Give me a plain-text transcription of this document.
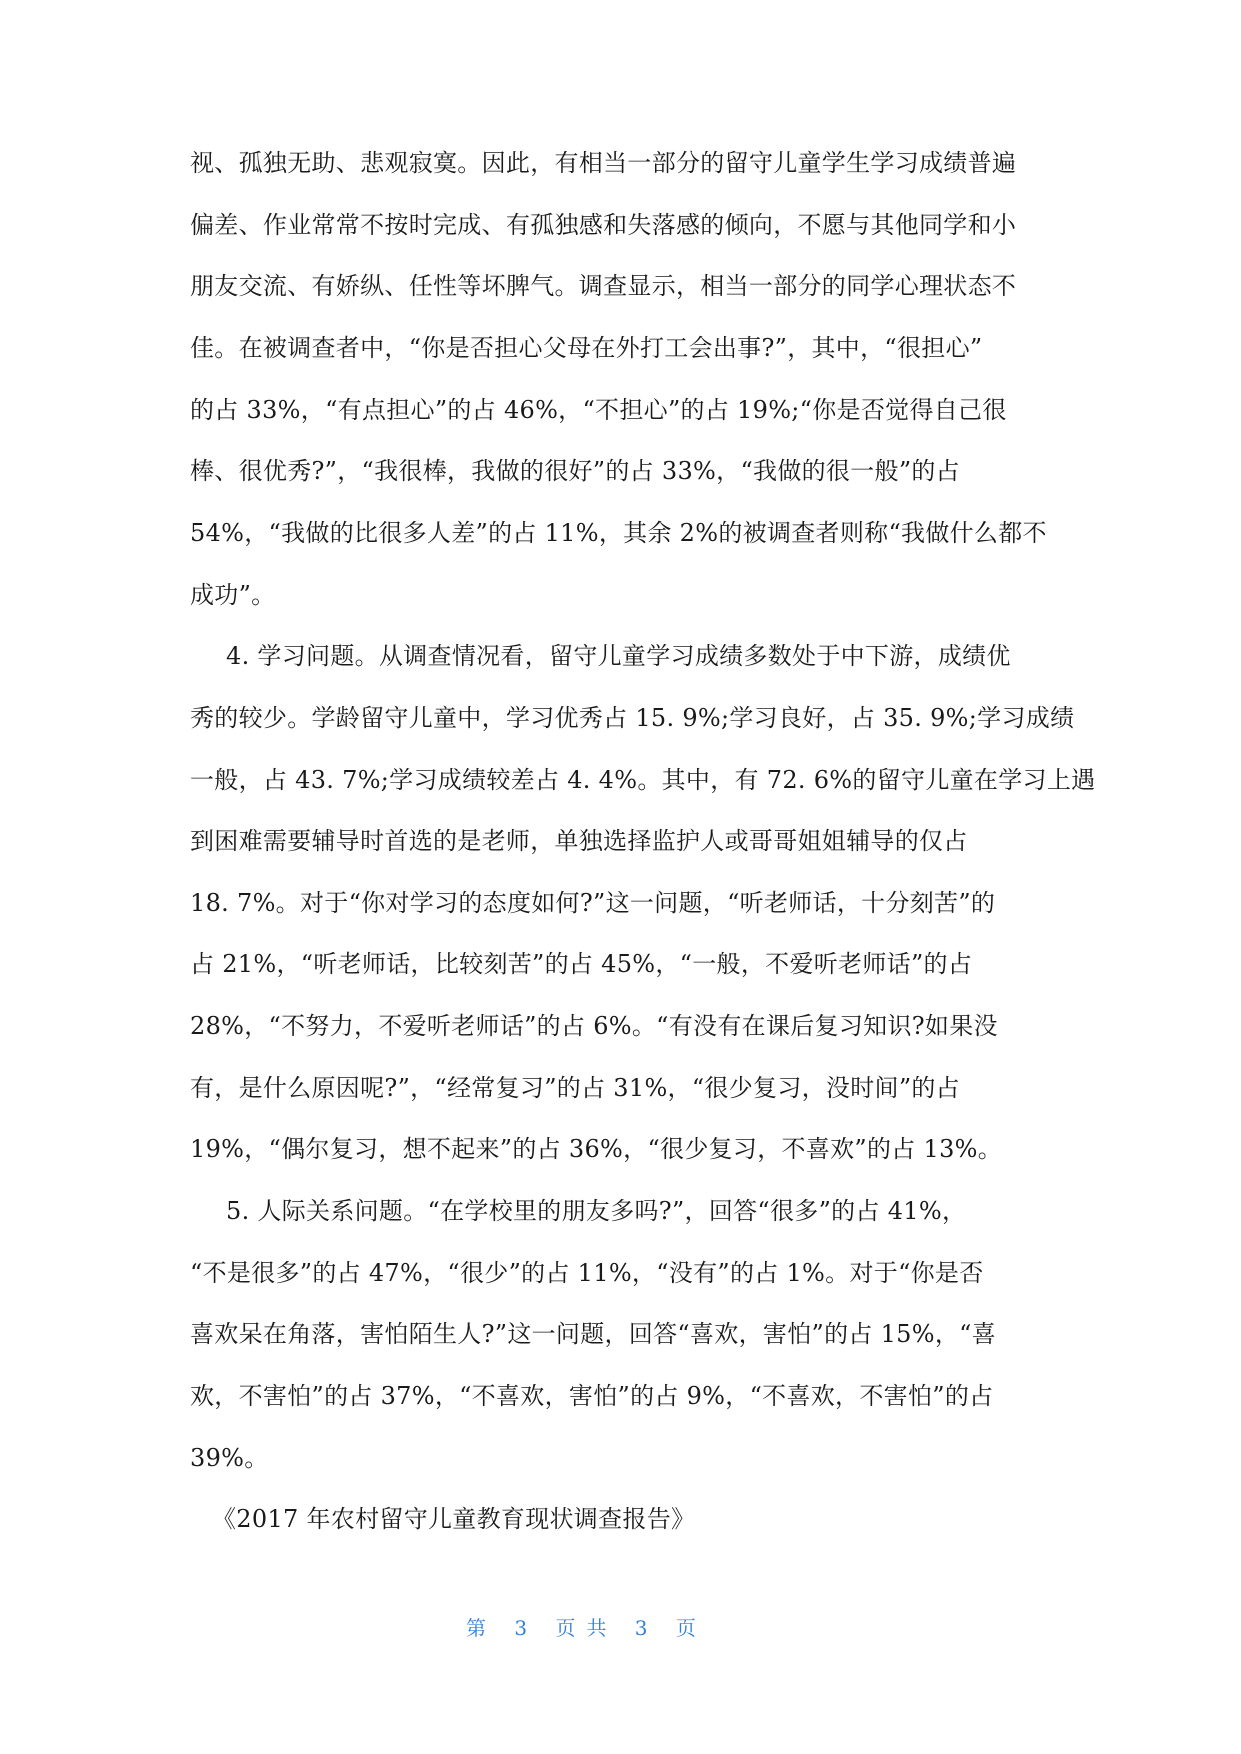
视、孤独无助、悲观寂寞。因此，有相当一部分的留守儿童学生学习成绩普遍
偏差、作业常常不按时完成、有孤独感和失落感的倾向，不愿与其他同学和小
朋友交流、有娇纵、任性等坏脾气。调查显示，相当一部分的同学心理状态不
佳。在被调查者中，“你是否担心父母在外打工会出事?”，其中，“很担心”
的占 33%，“有点担心”的占 46%，“不担心”的占 19%;“你是否觉得自己很
棒、很优秀?”，“我很棒，我做的很好”的占 33%，“我做的很一般”的占
54%，“我做的比很多人差”的占 11%，其余 2%的被调查者则称“我做什么都不
成功”。
4. 学习问题。从调查情况看，留守儿童学习成绩多数处于中下游，成绩优
秀的较少。学龄留守儿童中，学习优秀占 15. 9%;学习良好，占 35. 9%;学习成绩
一般，占 43. 7%;学习成绩较差占 4. 4%。其中，有 72. 6%的留守儿童在学习上遇
到困难需要辅导时首选的是老师，单独选择监护人或哥哥姐姐辅导的仅占
18. 7%。对于“你对学习的态度如何?”这一问题，“听老师话，十分刻苦”的
占 21%，“听老师话，比较刻苦”的占 45%，“一般，不爱听老师话”的占
28%，“不努力，不爱听老师话”的占 6%。“有没有在课后复习知识?如果没
有，是什么原因呢?”，“经常复习”的占 31%，“很少复习，没时间”的占
19%，“偶尔复习，想不起来”的占 36%，“很少复习，不喜欢”的占 13%。
5. 人际关系问题。“在学校里的朋友多吗?”，回答“很多”的占 41%，
“不是很多”的占 47%，“很少”的占 11%，“没有”的占 1%。对于“你是否
喜欢呆在角落，害怕陌生人?”这一问题，回答“喜欢，害怕”的占 15%，“喜
欢，不害怕”的占 37%，“不喜欢，害怕”的占 9%，“不喜欢，不害怕”的占
39%。
《2017 年农村留守儿童教育现状调查报告》
第 3 页共 3 页
